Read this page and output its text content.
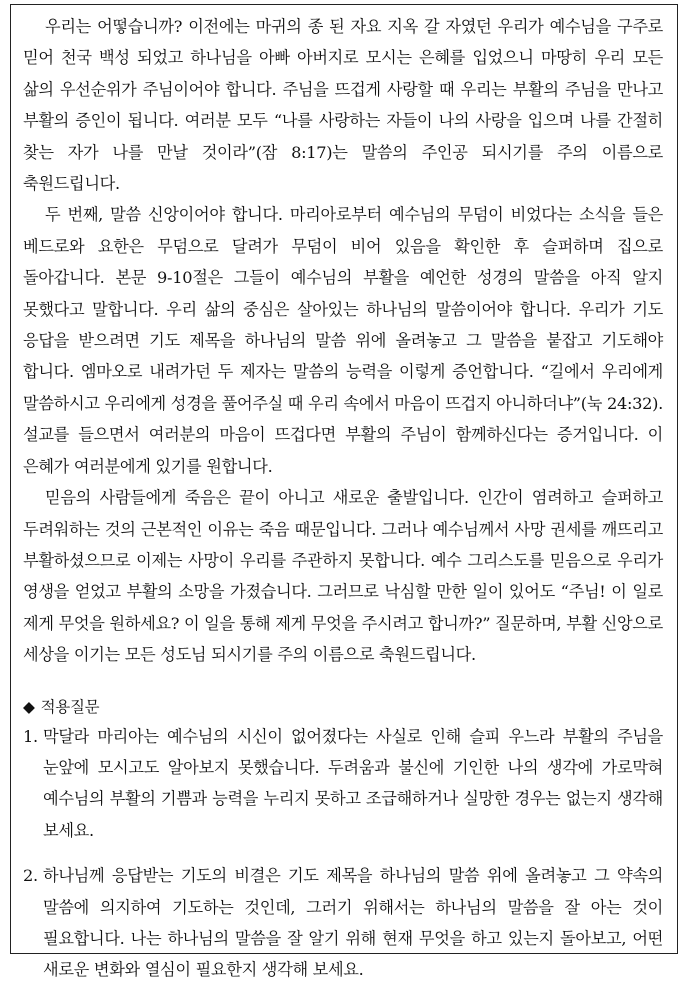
우리는 어떻습니까? 이전에는 마귀의 종 된 자요 지옥 갈 자였던 우리가 예수님을 구주로 믿어 천국 백성 되었고 하나님을 아빠 아버지로 모시는 은혜를 입었으니 마땅히 우리 모든 삶의 우선순위가 주님이어야 합니다. 주님을 뜨겁게 사랑할 때 우리는 부활의 주님을 만나고 부활의 증인이 됩니다. 여러분 모두 “나를 사랑하는 자들이 나의 사랑을 입으며 나를 간절히 찾는 자가 나를 만날 것이라”(잠 8:17)는 말씀의 주인공 되시기를 주의 이름으로 축원드립니다.

두 번째, 말씀 신앙이어야 합니다. 마리아로부터 예수님의 무덤이 비었다는 소식을 들은 베드로와 요한은 무덤으로 달려가 무덤이 비어 있음을 확인한 후 슬퍼하며 집으로 돌아갑니다. 본문 9-10절은 그들이 예수님의 부활을 예언한 성경의 말씀을 아직 알지 못했다고 말합니다. 우리 삶의 중심은 살아있는 하나님의 말씀이어야 합니다. 우리가 기도 응답을 받으려면 기도 제목을 하나님의 말씀 위에 올려놓고 그 말씀을 붙잡고 기도해야 합니다. 엠마오로 내려가던 두 제자는 말씀의 능력을 이렇게 증언합니다. “길에서 우리에게 말씀하시고 우리에게 성경을 풀어주실 때 우리 속에서 마음이 뜨겁지 아니하더냐”(눅 24:32). 설교를 들으면서 여러분의 마음이 뜨겁다면 부활의 주님이 함께하신다는 증거입니다. 이 은혜가 여러분에게 있기를 원합니다.

믿음의 사람들에게 죽음은 끝이 아니고 새로운 출발입니다. 인간이 염려하고 슬퍼하고 두려워하는 것의 근본적인 이유는 죽음 때문입니다. 그러나 예수님께서 사망 권세를 깨뜨리고 부활하셨으므로 이제는 사망이 우리를 주관하지 못합니다. 예수 그리스도를 믿음으로 우리가 영생을 얻었고 부활의 소망을 가졌습니다. 그러므로 낙심할 만한 일이 있어도 “주님! 이 일로 제게 무엇을 원하세요? 이 일을 통해 제게 무엇을 주시려고 합니까?” 질문하며, 부활 신앙으로 세상을 이기는 모든 성도님 되시기를 주의 이름으로 축원드립니다.

◆ 적용질문
1. 막달라 마리아는 예수님의 시신이 없어졌다는 사실로 인해 슬피 우느라 부활의 주님을 눈앞에 모시고도 알아보지 못했습니다. 두려움과 불신에 기인한 나의 생각에 가로막혀 예수님의 부활의 기쁨과 능력을 누리지 못하고 조급해하거나 실망한 경우는 없는지 생각해 보세요.
2. 하나님께 응답받는 기도의 비결은 기도 제목을 하나님의 말씀 위에 올려놓고 그 약속의 말씀에 의지하여 기도하는 것인데, 그러기 위해서는 하나님의 말씀을 잘 아는 것이 필요합니다. 나는 하나님의 말씀을 잘 알기 위해 현재 무엇을 하고 있는지 돌아보고, 어떤 새로운 변화와 열심이 필요한지 생각해 보세요.
